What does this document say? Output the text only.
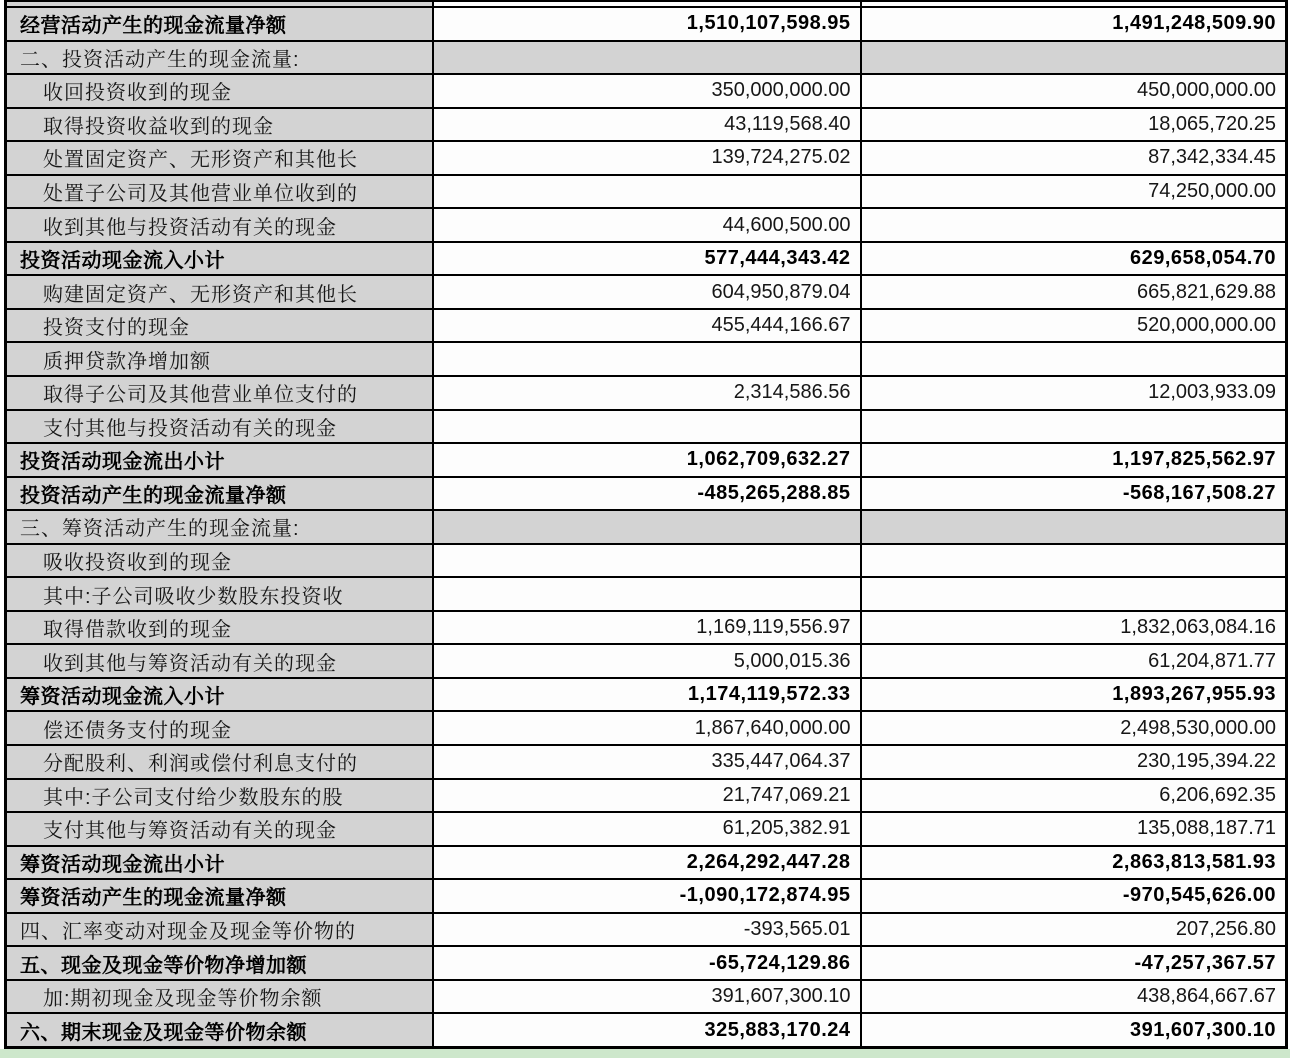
经营活动产生的现金流量净额	1,510,107,598.95	1,491,248,509.90
二、投资活动产生的现金流量:		
收回投资收到的现金	350,000,000.00	450,000,000.00
取得投资收益收到的现金	43,119,568.40	18,065,720.25
处置固定资产、无形资产和其他长	139,724,275.02	87,342,334.45
处置子公司及其他营业单位收到的		74,250,000.00
收到其他与投资活动有关的现金	44,600,500.00	
投资活动现金流入小计	577,444,343.42	629,658,054.70
购建固定资产、无形资产和其他长	604,950,879.04	665,821,629.88
投资支付的现金	455,444,166.67	520,000,000.00
质押贷款净增加额		
取得子公司及其他营业单位支付的	2,314,586.56	12,003,933.09
支付其他与投资活动有关的现金		
投资活动现金流出小计	1,062,709,632.27	1,197,825,562.97
投资活动产生的现金流量净额	-485,265,288.85	-568,167,508.27
三、筹资活动产生的现金流量:		
吸收投资收到的现金		
其中:子公司吸收少数股东投资收		
取得借款收到的现金	1,169,119,556.97	1,832,063,084.16
收到其他与筹资活动有关的现金	5,000,015.36	61,204,871.77
筹资活动现金流入小计	1,174,119,572.33	1,893,267,955.93
偿还债务支付的现金	1,867,640,000.00	2,498,530,000.00
分配股利、利润或偿付利息支付的	335,447,064.37	230,195,394.22
其中:子公司支付给少数股东的股	21,747,069.21	6,206,692.35
支付其他与筹资活动有关的现金	61,205,382.91	135,088,187.71
筹资活动现金流出小计	2,264,292,447.28	2,863,813,581.93
筹资活动产生的现金流量净额	-1,090,172,874.95	-970,545,626.00
四、汇率变动对现金及现金等价物的	-393,565.01	207,256.80
五、现金及现金等价物净增加额	-65,724,129.86	-47,257,367.57
加:期初现金及现金等价物余额	391,607,300.10	438,864,667.67
六、期末现金及现金等价物余额	325,883,170.24	391,607,300.10
